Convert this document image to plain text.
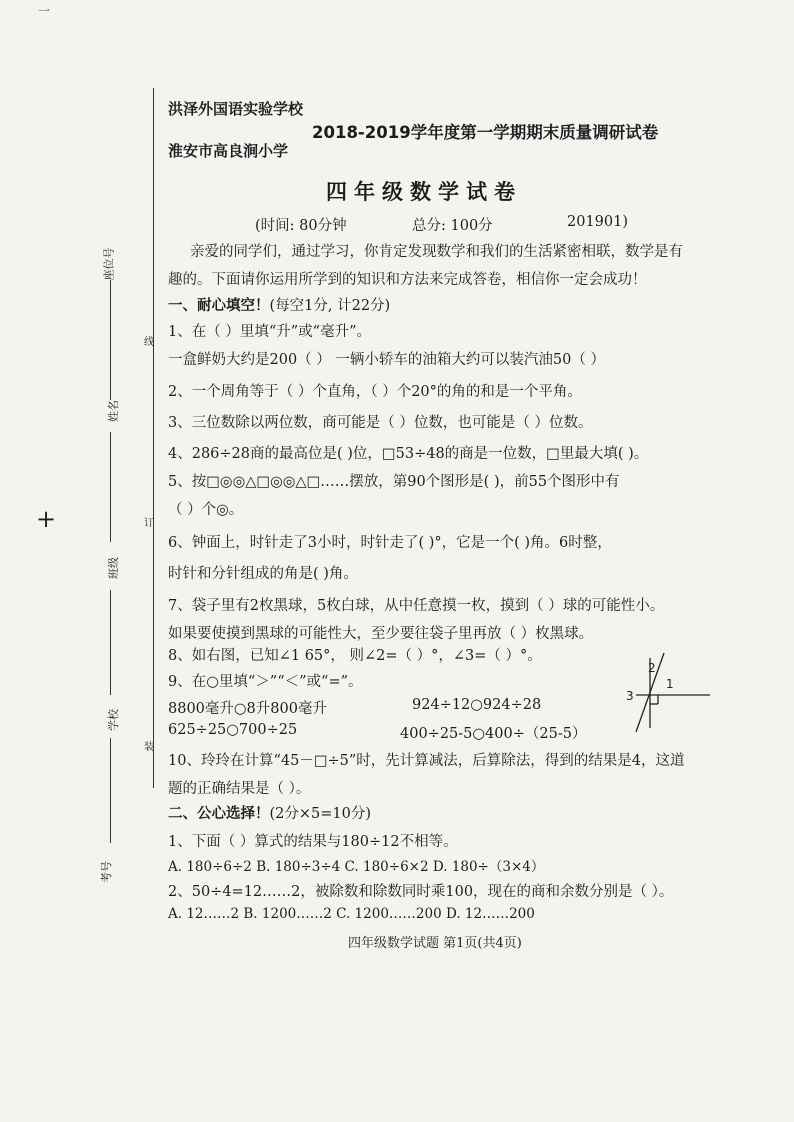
一
+
座位号
姓名
班级
学校
考号
线
订
装
洪泽外国语实验学校
2018-2019学年度第一学期期末质量调研试卷
淮安市高良涧小学
四年级数学试卷
(时间: 80分钟	总分: 100分	201901)
亲爱的同学们，通过学习，你肯定发现数学和我们的生活紧密相联，数学是有
趣的。下面请你运用所学到的知识和方法来完成答卷，相信你一定会成功！
一、耐心填空！(每空1分, 计22分)
1、在（ ）里填“升”或“毫升”。
一盒鲜奶大约是200（ ） 一辆小轿车的油箱大约可以装汽油50（ ）
2、一个周角等于（ ）个直角，（ ）个20°的角的和是一个平角。
3、三位数除以两位数，商可能是（ ）位数，也可能是（ ）位数。
4、286÷28商的最高位是( )位，□53÷48的商是一位数，□里最大填( )。
5、按□◎◎△□◎◎△□……摆放，第90个图形是( )，前55个图形中有
（ ）个◎。
6、钟面上，时针走了3小时，时针走了( )°，它是一个( )角。6时整，
时针和分针组成的角是( )角。
7、袋子里有2枚黑球，5枚白球，从中任意摸一枚，摸到（ ）球的可能性小。
如果要使摸到黑球的可能性大，至少要往袋子里再放（ ）枚黑球。
8、如右图，已知∠1 65°， 则∠2=（ ）°，∠3=（ ）°。
9、在○里填“＞”“＜”或“=”。
8800毫升○8升800毫升	924÷12○924÷28
625÷25○700÷25	400÷25-5○400÷（25-5）
10、玲玲在计算“45－□÷5”时，先计算减法，后算除法，得到的结果是4，这道
题的正确结果是（ ）。
2
1
3
二、公心选择！(2分×5=10分)
1、下面（ ）算式的结果与180÷12不相等。
A. 180÷6÷2 B. 180÷3÷4 C. 180÷6×2 D. 180÷（3×4）
2、50÷4=12……2，被除数和除数同时乘100，现在的商和余数分别是（ ）。
A. 12……2 B. 1200……2 C. 1200……200 D. 12……200
四年级数学试题 第1页(共4页)
